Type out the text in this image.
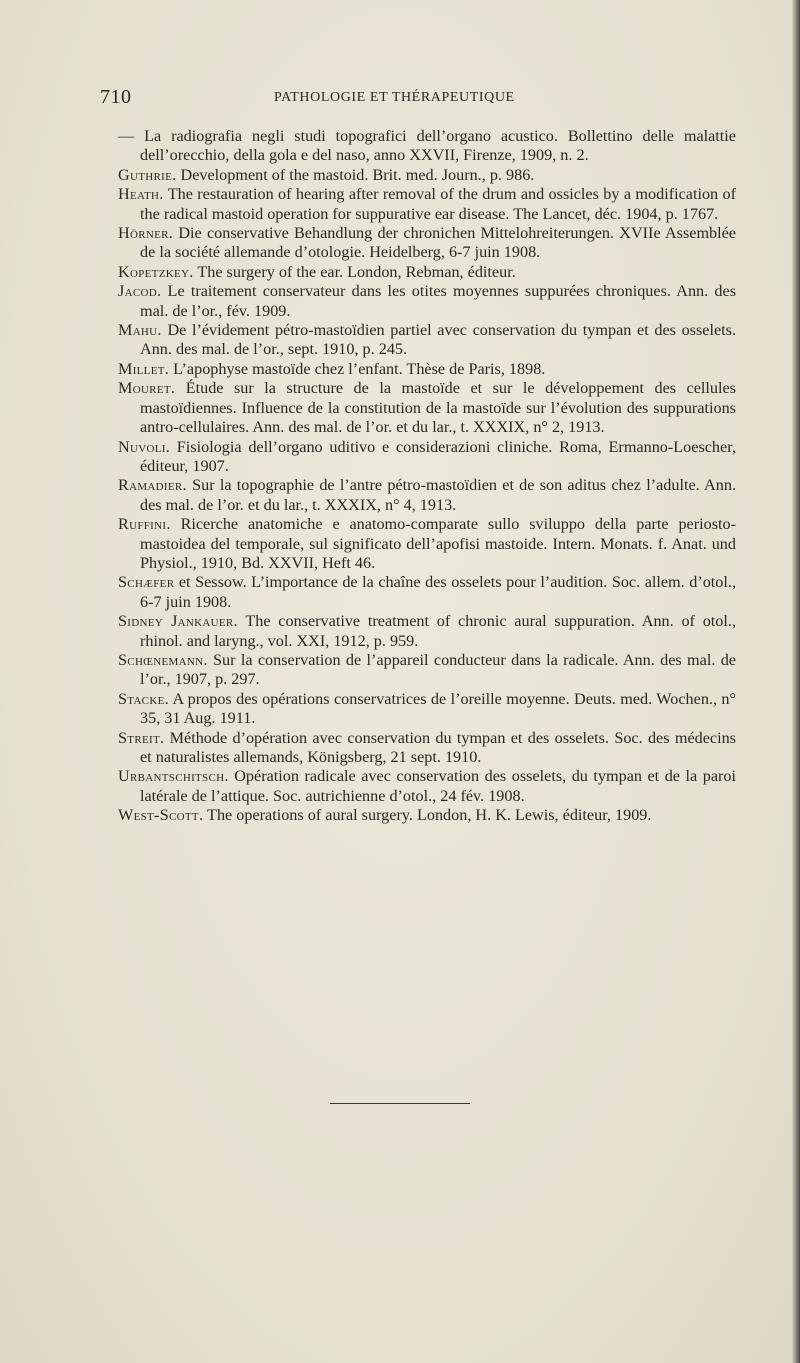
710	PATHOLOGIE ET THÉRAPEUTIQUE

— La radiografia negli studi topografici dell’organo acustico. Bollettino delle malattie dell’orecchio, della gola e del naso, anno XXVII, Firenze, 1909, n. 2.

Guthrie. Development of the mastoid. Brit. med. Journ., p. 986.

Heath. The restauration of hearing after removal of the drum and ossicles by a modification of the radical mastoid operation for suppurative ear disease. The Lancet, déc. 1904, p. 1767.

Hörner. Die conservative Behandlung der chronichen Mittelohreiterungen. XVIIe Assemblée de la société allemande d’otologie. Heidelberg, 6-7 juin 1908.

Kopetzkey. The surgery of the ear. London, Rebman, éditeur.

Jacod. Le traitement conservateur dans les otites moyennes suppurées chroniques. Ann. des mal. de l’or., fév. 1909.

Mahu. De l’évidement pétro-mastoïdien partiel avec conservation du tympan et des osselets. Ann. des mal. de l’or., sept. 1910, p. 245.

Millet. L’apophyse mastoïde chez l’enfant. Thèse de Paris, 1898.

Mouret. Étude sur la structure de la mastoïde et sur le développement des cellules mastoïdiennes. Influence de la constitution de la mastoïde sur l’évolution des suppurations antro-cellulaires. Ann. des mal. de l’or. et du lar., t. XXXIX, n° 2, 1913.

Nuvoli. Fisiologia dell’organo uditivo e considerazioni cliniche. Roma, Ermanno-Loescher, éditeur, 1907.

Ramadier. Sur la topographie de l’antre pétro-mastoïdien et de son aditus chez l’adulte. Ann. des mal. de l’or. et du lar., t. XXXIX, n° 4, 1913.

Ruffini. Ricerche anatomiche e anatomo-comparate sullo sviluppo della parte periosto-mastoidea del temporale, sul significato dell’apofisi mastoide. Intern. Monats. f. Anat. und Physiol., 1910, Bd. XXVII, Heft 46.

Schæfer et Sessow. L’importance de la chaîne des osselets pour l’audition. Soc. allem. d’otol., 6-7 juin 1908.

Sidney Jankauer. The conservative treatment of chronic aural suppuration. Ann. of otol., rhinol. and laryng., vol. XXI, 1912, p. 959.

Schœnemann. Sur la conservation de l’appareil conducteur dans la radicale. Ann. des mal. de l’or., 1907, p. 297.

Stacke. A propos des opérations conservatrices de l’oreille moyenne. Deuts. med. Wochen., n° 35, 31 Aug. 1911.

Streit. Méthode d’opération avec conservation du tympan et des osselets. Soc. des médecins et naturalistes allemands, Königsberg, 21 sept. 1910.

Urbantschitsch. Opération radicale avec conservation des osselets, du tympan et de la paroi latérale de l’attique. Soc. autrichienne d’otol., 24 fév. 1908.

West-Scott. The operations of aural surgery. London, H. K. Lewis, éditeur, 1909.
